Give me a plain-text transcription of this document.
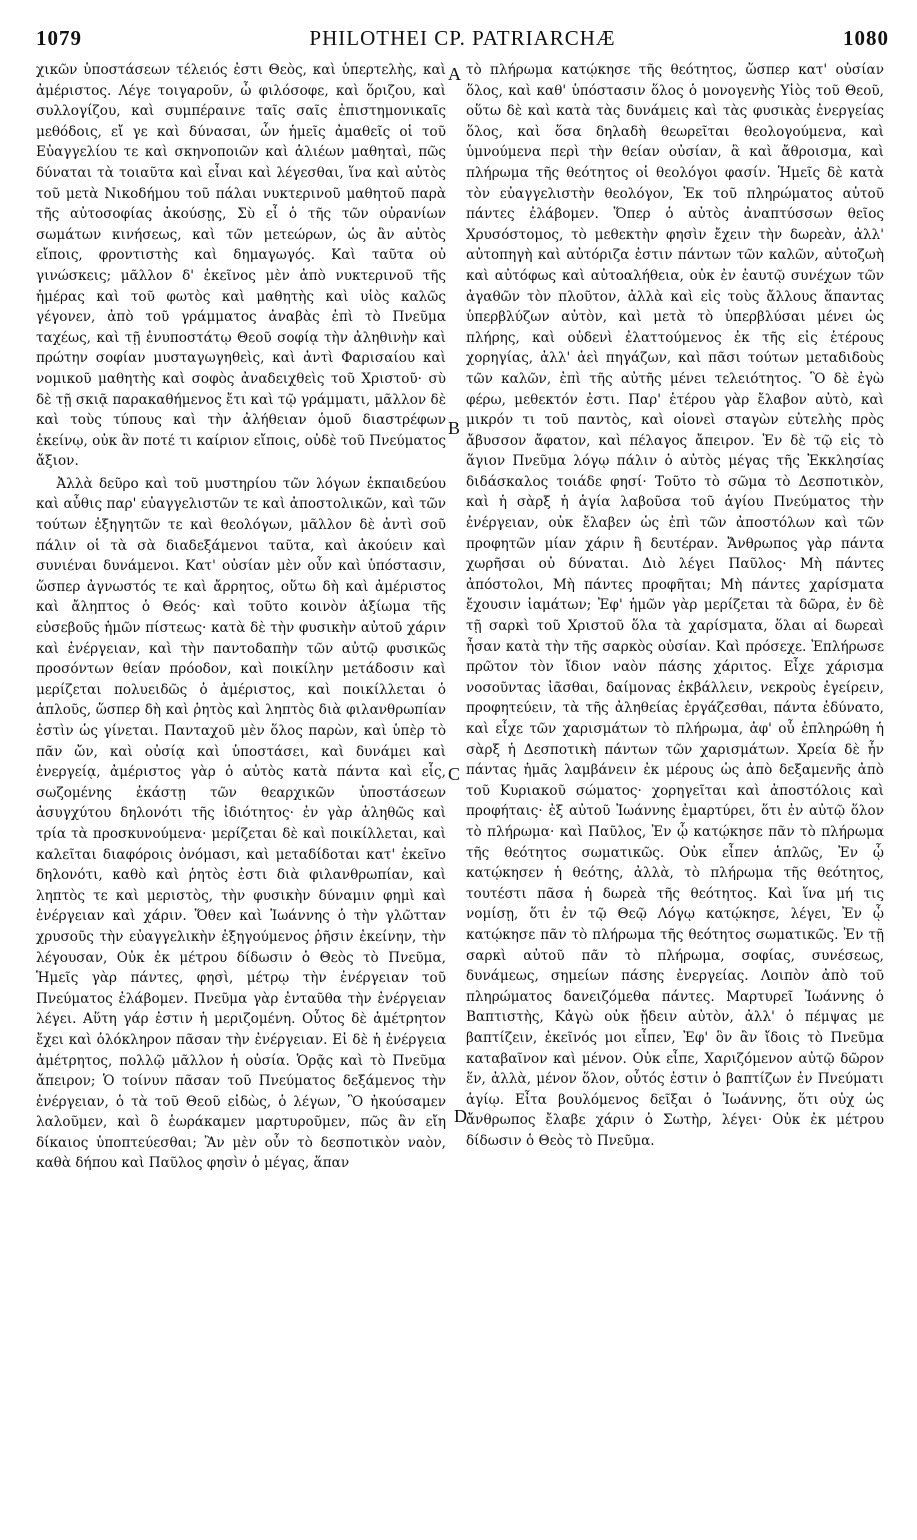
1079	PHILOTHEI CP. PATRIARCHÆ	1080

χικῶν ὑποστάσεων τέλειός ἐστι Θεὸς, καὶ ὑπερτελὴς, καὶ ἀμέριστος. Λέγε τοιγαροῦν, ὦ φιλόσοφε, καὶ ὅριζου, καὶ συλλογίζου, καὶ συμπέραινε ταῖς σαῖς ἐπιστημονικαῖς μεθόδοις, εἴ γε καὶ δύνασαι, ὧν ἡμεῖς ἀμαθεῖς οἱ τοῦ Εὐαγγελίου τε καὶ σκηνοποιῶν καὶ ἁλιέων μαθηταὶ, πῶς δύναται τὰ τοιαῦτα καὶ εἶναι καὶ λέγεσθαι, ἵνα καὶ αὐτὸς τοῦ μετὰ Νικοδήμου τοῦ πάλαι νυκτερινοῦ μαθητοῦ παρὰ τῆς αὐτοσοφίας ἀκούσῃς, Σὺ εἶ ὁ τῆς τῶν οὐρανίων σωμάτων κινήσεως, καὶ τῶν μετεώρων, ὡς ἂν αὐτὸς εἴποις, φροντιστὴς καὶ δημαγωγός. Καὶ ταῦτα οὐ γινώσκεις; μᾶλλον δ' ἐκεῖνος μὲν ἀπὸ νυκτερινοῦ τῆς ἡμέρας καὶ τοῦ φωτὸς καὶ μαθητὴς καὶ υἱὸς καλῶς γέγονεν, ἀπὸ τοῦ γράμματος ἀναβὰς ἐπὶ τὸ Πνεῦμα ταχέως, καὶ τῇ ἐνυποστάτῳ Θεοῦ σοφίᾳ τὴν ἀληθινὴν καὶ πρώτην σοφίαν μυσταγωγηθεὶς, καὶ ἀντὶ Φαρισαίου καὶ νομικοῦ μαθητὴς καὶ σοφὸς ἀναδειχθεὶς τοῦ Χριστοῦ· σὺ δὲ τῇ σκιᾷ παρακαθήμενος ἔτι καὶ τῷ γράμματι, μᾶλλον δὲ καὶ τοὺς τύπους καὶ τὴν ἀλήθειαν ὁμοῦ διαστρέφων ἐκείνῳ, οὐκ ἂν ποτέ τι καίριον εἴποις, οὐδὲ τοῦ Πνεύματος ἄξιον.

Ἀλλὰ δεῦρο καὶ τοῦ μυστηρίου τῶν λόγων ἐκπαιδεύου καὶ αὖθις παρ' εὐαγγελιστῶν τε καὶ ἀποστολικῶν, καὶ τῶν τούτων ἐξηγητῶν τε καὶ θεολόγων, μᾶλλον δὲ ἀντὶ σοῦ πάλιν οἱ τὰ σὰ διαδεξάμενοι ταῦτα, καὶ ἀκούειν καὶ συνιέναι δυνάμενοι. Κατ' οὐσίαν μὲν οὖν καὶ ὑπόστασιν, ὥσπερ ἀγνωστός τε καὶ ἄρρητος, οὕτω δὴ καὶ ἀμέριστος καὶ ἄληπτος ὁ Θεός· καὶ τοῦτο κοινὸν ἀξίωμα τῆς εὐσεβοῦς ἡμῶν πίστεως· κατὰ δὲ τὴν φυσικὴν αὐτοῦ χάριν καὶ ἐνέργειαν, καὶ τὴν παντοδαπὴν τῶν αὐτῷ φυσικῶς προσόντων θείαν πρόοδον, καὶ ποικίλην μετάδοσιν καὶ μερίζεται πολυειδῶς ὁ ἀμέριστος, καὶ ποικίλλεται ὁ ἁπλοῦς, ὥσπερ δὴ καὶ ῥητὸς καὶ ληπτὸς διὰ φιλανθρωπίαν ἐστὶν ὡς γίνεται. Πανταχοῦ μὲν ὅλος παρὼν, καὶ ὑπὲρ τὸ πᾶν ὤν, καὶ οὐσίᾳ καὶ ὑποστάσει, καὶ δυνάμει καὶ ἐνεργείᾳ, ἀμέριστος γὰρ ὁ αὐτὸς κατὰ πάντα καὶ εἷς, σωζομένης ἑκάστῃ τῶν θεαρχικῶν ὑποστάσεων ἀσυγχύτου δηλονότι τῆς ἰδιότητος· ἐν γὰρ ἀληθῶς καὶ τρία τὰ προσκυνούμενα· μερίζεται δὲ καὶ ποικίλλεται, καὶ καλεῖται διαφόροις ὀνόμασι, καὶ μεταδίδοται κατ' ἐκεῖνο δηλονότι, καθὸ καὶ ῥητὸς ἐστι διὰ φιλανθρωπίαν, καὶ ληπτὸς τε καὶ μεριστὸς, τὴν φυσικὴν δύναμιν φημὶ καὶ ἐνέργειαν καὶ χάριν. Ὅθεν καὶ Ἰωάννης ὁ τὴν γλῶτταν χρυσοῦς τὴν εὐαγγελικὴν ἐξηγούμενος ῥῆσιν ἐκείνην, τὴν λέγουσαν, Οὐκ ἐκ μέτρου δίδωσιν ὁ Θεὸς τὸ Πνεῦμα, Ἡμεῖς γὰρ πάντες, φησὶ, μέτρῳ τὴν ἐνέργειαν τοῦ Πνεύματος ἐλάβομεν. Πνεῦμα γὰρ ἐνταῦθα τὴν ἐνέργειαν λέγει. Αὕτη γάρ ἐστιν ἡ μεριζομένη. Οὗτος δὲ ἀμέτρητον ἔχει καὶ ὁλόκληρον πᾶσαν τὴν ἐνέργειαν. Εἰ δὲ ἡ ἐνέργεια ἀμέτρητος, πολλῷ μᾶλλον ἡ οὐσία. Ὁρᾷς καὶ τὸ Πνεῦμα ἄπειρον; Ὁ τοίνυν πᾶσαν τοῦ Πνεύματος δεξάμενος τὴν ἐνέργειαν, ὁ τὰ τοῦ Θεοῦ εἰδὼς, ὁ λέγων, Ὃ ἠκούσαμεν λαλοῦμεν, καὶ ὃ ἑωράκαμεν μαρτυροῦμεν, πῶς ἂν εἴη δίκαιος ὑποπτεύεσθαι; Ἂν μὲν οὖν τὸ δεσποτικὸν ναὸν, καθὰ δήπου καὶ Παῦλος φησὶν ὁ μέγας, ἅπαν

τὸ πλήρωμα κατῴκησε τῆς θεότητος, ὥσπερ κατ' οὐσίαν ὅλος, καὶ καθ' ὑπόστασιν ὅλος ὁ μονογενὴς Υἱὸς τοῦ Θεοῦ, οὕτω δὲ καὶ κατὰ τὰς δυνάμεις καὶ τὰς φυσικὰς ἐνεργείας ὅλος, καὶ ὅσα δηλαδὴ θεωρεῖται θεολογούμενα, καὶ ὑμνούμενα περὶ τὴν θείαν οὐσίαν, ἃ καὶ ἄθροισμα, καὶ πλήρωμα τῆς θεότητος οἱ θεολόγοι φασίν. Ἡμεῖς δὲ κατὰ τὸν εὐαγγελιστὴν θεολόγον, Ἐκ τοῦ πληρώματος αὐτοῦ πάντες ἐλάβομεν. Ὅπερ ὁ αὐτὸς ἀναπτύσσων θεῖος Χρυσόστομος, τὸ μεθεκτὴν φησὶν ἔχειν τὴν δωρεὰν, ἀλλ' αὐτοπηγὴ καὶ αὐτόριζα ἐστιν πάντων τῶν καλῶν, αὐτοζωὴ καὶ αὐτόφως καὶ αὐτοαλήθεια, οὐκ ἐν ἑαυτῷ συνέχων τῶν ἀγαθῶν τὸν πλοῦτον, ἀλλὰ καὶ εἰς τοὺς ἄλλους ἅπαντας ὑπερβλύζων αὐτὸν, καὶ μετὰ τὸ ὑπερβλύσαι μένει ὡς πλήρης, καὶ οὐδενὶ ἐλαττούμενος ἐκ τῆς εἰς ἑτέρους χορηγίας, ἀλλ' ἀεὶ πηγάζων, καὶ πᾶσι τούτων μεταδιδοὺς τῶν καλῶν, ἐπὶ τῆς αὐτῆς μένει τελειότητος. Ὃ δὲ ἐγὼ φέρω, μεθεκτόν ἐστι. Παρ' ἑτέρου γὰρ ἔλαβον αὐτὸ, καὶ μικρόν τι τοῦ παντὸς, καὶ οἱονεὶ σταγὼν εὐτελὴς πρὸς ἄβυσσον ἄφατον, καὶ πέλαγος ἄπειρον. Ἐν δὲ τῷ εἰς τὸ ἅγιον Πνεῦμα λόγῳ πάλιν ὁ αὐτὸς μέγας τῆς Ἐκκλησίας διδάσκαλος τοιάδε φησί· Τοῦτο τὸ σῶμα τὸ Δεσποτικὸν, καὶ ἡ σὰρξ ἡ ἁγία λαβοῦσα τοῦ ἁγίου Πνεύματος τὴν ἐνέργειαν, οὐκ ἔλαβεν ὡς ἐπὶ τῶν ἀποστόλων καὶ τῶν προφητῶν μίαν χάριν ἢ δευτέραν. Ἄνθρωπος γὰρ πάντα χωρῆσαι οὐ δύναται. Διὸ λέγει Παῦλος· Μὴ πάντες ἀπόστολοι, Μὴ πάντες προφῆται; Μὴ πάντες χαρίσματα ἔχουσιν ἰαμάτων; Ἐφ' ἡμῶν γὰρ μερίζεται τὰ δῶρα, ἐν δὲ τῇ σαρκὶ τοῦ Χριστοῦ ὅλα τὰ χαρίσματα, ὅλαι αἱ δωρεαὶ ἦσαν κατὰ τὴν τῆς σαρκὸς οὐσίαν. Καὶ πρόσεχε. Ἐπλήρωσε πρῶτον τὸν ἴδιον ναὸν πάσης χάριτος. Εἶχε χάρισμα νοσοῦντας ἰᾶσθαι, δαίμονας ἐκβάλλειν, νεκροὺς ἐγείρειν, προφητεύειν, τὰ τῆς ἀληθείας ἐργάζεσθαι, πάντα ἐδύνατο, καὶ εἶχε τῶν χαρισμάτων τὸ πλήρωμα, ἀφ' οὗ ἐπληρώθη ἡ σὰρξ ἡ Δεσποτικὴ πάντων τῶν χαρισμάτων. Χρεία δὲ ἦν πάντας ἡμᾶς λαμβάνειν ἐκ μέρους ὡς ἀπὸ δεξαμενῆς ἀπὸ τοῦ Κυριακοῦ σώματος· χορηγεῖται καὶ ἀποστόλοις καὶ προφήταις· ἐξ αὐτοῦ Ἰωάννης ἐμαρτύρει, ὅτι ἐν αὐτῷ ὅλον τὸ πλήρωμα· καὶ Παῦλος, Ἐν ᾧ κατῴκησε πᾶν τὸ πλήρωμα τῆς θεότητος σωματικῶς. Οὐκ εἶπεν ἁπλῶς, Ἐν ᾧ κατῴκησεν ἡ θεότης, ἀλλὰ, τὸ πλήρωμα τῆς θεότητος, τουτέστι πᾶσα ἡ δωρεὰ τῆς θεότητος. Καὶ ἵνα μή τις νομίσῃ, ὅτι ἐν τῷ Θεῷ Λόγῳ κατῴκησε, λέγει, Ἐν ᾧ κατῴκησε πᾶν τὸ πλήρωμα τῆς θεότητος σωματικῶς. Ἐν τῇ σαρκὶ αὐτοῦ πᾶν τὸ πλήρωμα, σοφίας, συνέσεως, δυνάμεως, σημείων πάσης ἐνεργείας. Λοιπὸν ἀπὸ τοῦ πληρώματος δανειζόμεθα πάντες. Μαρτυρεῖ Ἰωάννης ὁ Βαπτιστὴς, Κἀγὼ οὐκ ᾔδειν αὐτὸν, ἀλλ' ὁ πέμψας με βαπτίζειν, ἐκεῖνός μοι εἶπεν, Ἐφ' ὃν ἂν ἴδοις τὸ Πνεῦμα καταβαῖνον καὶ μένον. Οὐκ εἶπε, Χαριζόμενον αὐτῷ δῶρον ἕν, ἀλλὰ, μένον ὅλον, οὗτός ἐστιν ὁ βαπτίζων ἐν Πνεύματι ἁγίῳ. Εἶτα βουλόμενος δεῖξαι ὁ Ἰωάννης, ὅτι οὐχ ὡς ἄνθρωπος ἔλαβε χάριν ὁ Σωτὴρ, λέγει· Οὐκ ἐκ μέτρου δίδωσιν ὁ Θεὸς τὸ Πνεῦμα.

A
B
C
D
